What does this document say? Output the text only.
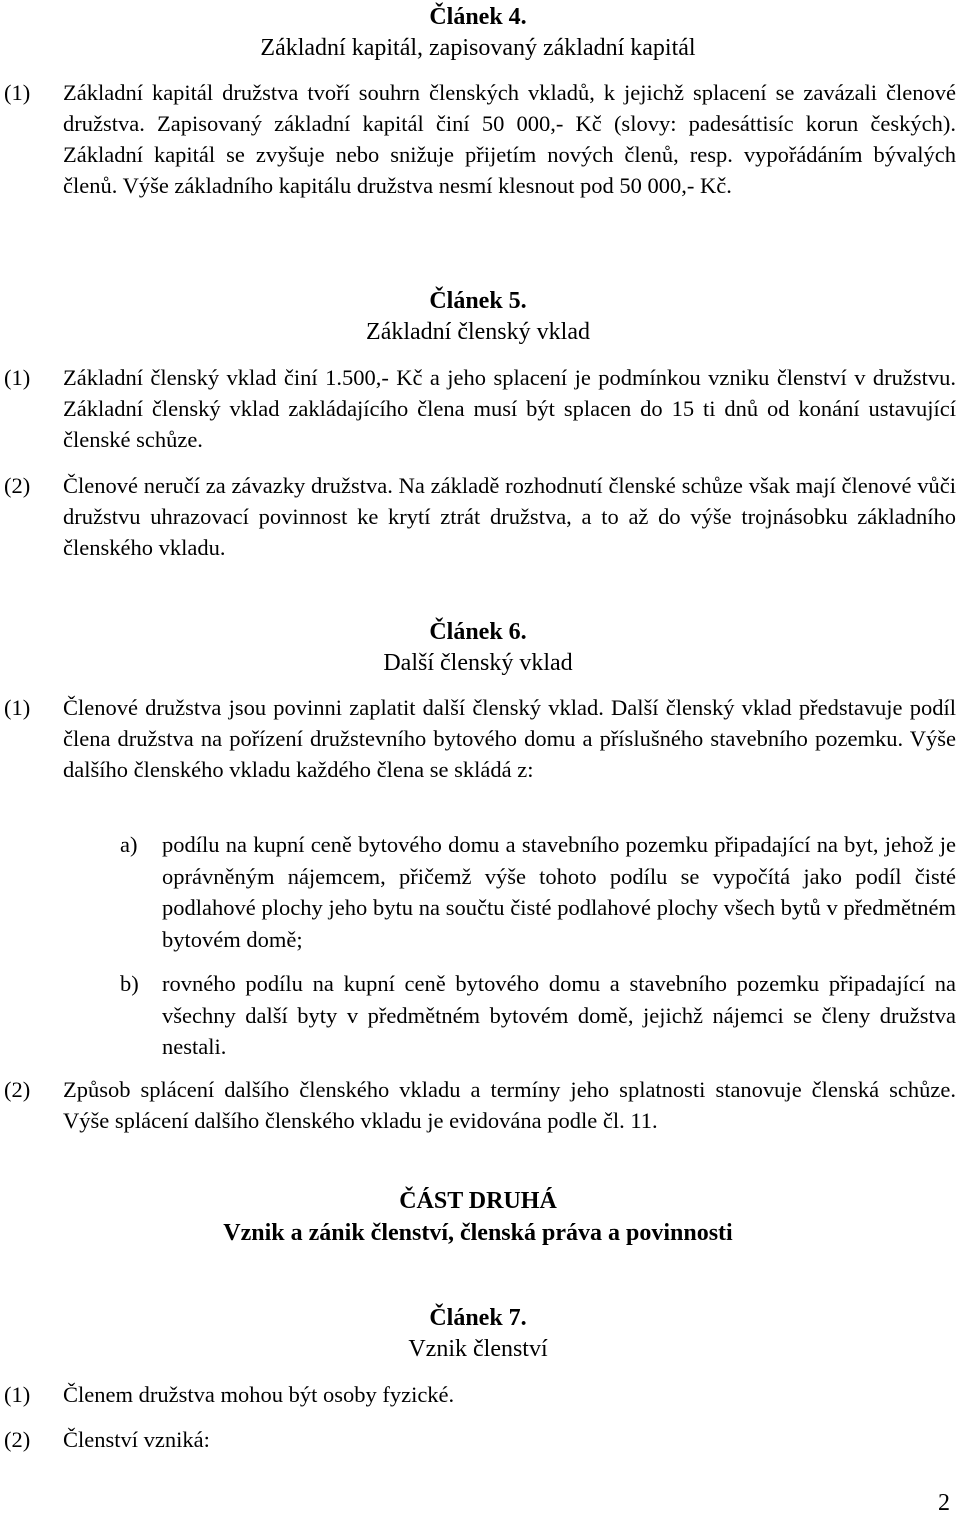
Článek 4.
Základní kapitál, zapisovaný základní kapitál
(1) Základní kapitál družstva tvoří souhrn členských vkladů, k jejichž splacení se zavázali členové družstva. Zapisovaný základní kapitál činí 50 000,- Kč (slovy: padesáttisíc korun českých). Základní kapitál se zvyšuje nebo snižuje přijetím nových členů, resp. vypořádáním bývalých členů. Výše základního kapitálu družstva nesmí klesnout pod 50 000,- Kč.
Článek 5.
Základní členský vklad
(1) Základní členský vklad činí 1.500,- Kč a jeho splacení je podmínkou vzniku členství v družstvu. Základní členský vklad zakládajícího člena musí být splacen do 15 ti dnů od konání ustavující členské schůze.
(2) Členové neručí za závazky družstva. Na základě rozhodnutí členské schůze však mají členové vůči družstvu uhrazovací povinnost ke krytí ztrát družstva, a to až do výše trojnásobku základního členského vkladu.
Článek 6.
Další členský vklad
(1) Členové družstva jsou povinni zaplatit další členský vklad. Další členský vklad představuje podíl člena družstva na pořízení družstevního bytového domu a příslušného stavebního pozemku. Výše dalšího členského vkladu každého člena se skládá z:
a) podílu na kupní ceně bytového domu a stavebního pozemku připadající na byt, jehož je oprávněným nájemcem, přičemž výše tohoto podílu se vypočítá jako podíl čisté podlahové plochy jeho bytu na součtu čisté podlahové plochy všech bytů v předmětném bytovém domě;
b) rovného podílu na kupní ceně bytového domu a stavebního pozemku připadající na všechny další byty v předmětném bytovém domě, jejichž nájemci se členy družstva nestali.
(2) Způsob splácení dalšího členského vkladu a termíny jeho splatnosti stanovuje členská schůze. Výše splácení dalšího členského vkladu je evidována podle čl. 11.
ČÁST DRUHÁ
Vznik a zánik členství, členská práva a povinnosti
Článek 7.
Vznik členství
(1) Členem družstva mohou být osoby fyzické.
(2) Členství vzniká:
2
